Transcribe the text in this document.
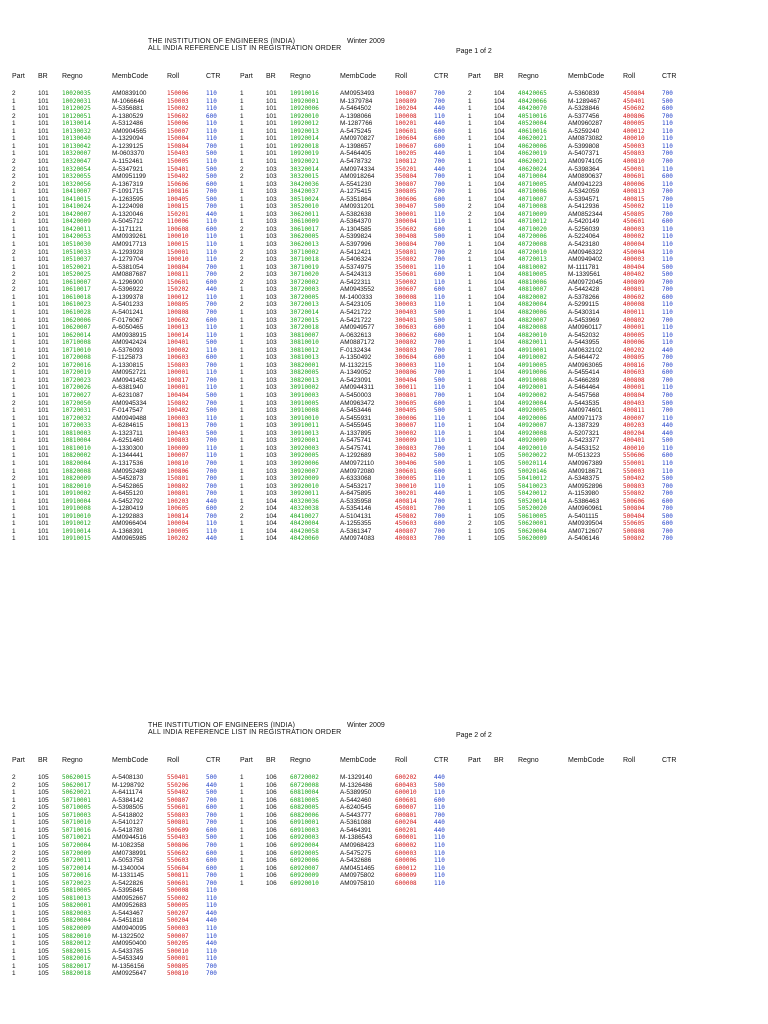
THE INSTITUTION OF ENGINEERS (INDIA)
ALL INDIA REFERENCE LIST IN REGISTRATION ORDER
Winter 2009
Page 1 of 2
Part BR Regno	MembCode	Roll	CTR	Part BR Regno	MembCode	Roll	CTR	Part BR Regno	MembCode	Roll	CTR
2	101 10020035	AM0839100	150006	110
1	101 10020031	M-1066646	150003	110
1	101 10120025	A-5356881	150002	110
2	101 10120051	A-1380529	150602	600
1	101 10130014	A-5312486	150006	110
1	101 10130032	AM0904565	150007	110
1	101 10130040	A-1329094	150004	110
1	101 10130042	A-1239125	150804	700
1	101 10320007	M-0603370	150403	500
2	101 10320047	A-1152461	150005	110
2	101 10320054	A-5347921	150401	500
2	101 10320055	AM0951199	150402	500
2	101 10320056	A-1367319	150606	600
1	101 10410007	F-1091715	100816	700
1	101 10410015	A-1263595	100405	500
1	101 10410024	A-1224098	100815	700
2	101 10420007	A-1320046	150201	440
1	101 10420009	A-5045712	110006	110
1	101 10420011	A-1171121	100608	600
1	101 10420053	AM0939261	100010	110
1	101 10510030	AM0917713	100015	110
2	101 10510033	A-1293928	150001	110
1	101 10510037	A-1279704	100010	110
1	101 10520021	A-5381054	100804	700
2	101 10520025	AM0887687	100811	700
2	101 10610007	A-1296900	150601	600
2	101 10610017	A-5396922	150202	440
1	101 10610018	A-1399378	100012	110
1	101 10610023	A-5401233	100805	700
1	101 10610028	A-5401241	100808	700
1	101 10620006	F-0176067	100602	600
1	101 10620007	A-6050465	100013	110
1	101 10620014	AM0938915	100014	110
1	101 10710008	AM0942424	100401	500
1	101 10710010	A-5376093	100002	110
1	101 10720008	F-1125873	100603	600
2	101 10720016	A-1330815	150803	700
1	101 10720019	AM0952721	100001	110
1	101 10720023	AM0941452	100817	700
1	101 10720026	A-6381940	100001	110
1	101 10720027	A-6231087	100404	500
2	101 10720050	AM0945334	150802	700
1	101 10720031	F-0147547	100402	500
1	101 10720032	AM0949488	100003	110
1	101 10720033	A-6284615	100813	700
1	101 10810003	A-1323711	100403	500
1	101 10810004	A-6251460	100803	700
1	101 10810010	A-1330300	100009	110
1	101 10820002	A-1344441	100007	110
1	101 10820004	A-1317536	100810	700
1	101 10820008	AM0952489	100806	700
2	101 10820009	A-5452873	150801	700
1	101 10820010	A-5452865	100802	700
1	101 10910002	A-6455120	100801	700
1	101 10910004	A-5452792	100203	440
1	101 10910008	A-1280419	100605	600
1	101 10910010	A-1292883	100814	700
1	101 10910012	AM0966404	100004	110
1	101 10910014	A-1368391	100005	110
1	101 10910015	AM0965985	100202	440
1	101 10910016	AM0953493	100807	700
1	101 10920001	M-1379784	100809	700
1	101 10920006	A-5464502	100204	440
1	101 10920010	A-1398066	100008	110
1	101 10920012	M-1287766	100201	440
1	101 10920013	A-5475245	100601	600
1	101 10920014	AM0970827	100604	600
1	101 10920018	A-1398657	100607	600
1	101 10920019	A-5464405	100205	440
1	101 10920021	A-5478732	100812	700
2	103 30320014	AM0974334	350201	440
2	103 30320015	AM0918264	350804	700
1	103 30420036	A-5541230	300807	700
1	103 30420037	A-1275415	300805	700
1	103 30510024	A-5351864	300606	600
1	103 30520010	AM0931201	300407	500
1	103 30620011	A-5382638	300001	110
1	103 30610009	A-5364370	300004	110
2	103 30610017	A-1304585	350602	600
1	103 30620005	A-5399824	300408	500
1	103 30620013	A-5397996	300804	700
2	103 30710002	A-5412421	350801	700
2	103 30710018	A-5406324	350802	700
1	103 30710019	A-5374975	350001	110
2	103 30710020	A-5424313	350601	600
2	103 30720002	A-5422311	350002	110
1	103 30720003	AM0943552	300607	600
1	103 30720005	M-1400333	300008	110
2	103 30720013	A-5423105	300003	110
1	103 30720014	A-5421722	300403	500
1	103 30720015	A-5421722	300401	500
1	103 30720018	AM0949577	300603	600
1	103 30810007	A-0632613	300602	600
1	103 30810010	AM0887172	300802	700
1	103 30810012	F-0132434	300803	700
1	103 30810013	A-1350492	300604	600
1	103 30820001	M-1132215	300003	110
1	103 30820005	A-1349052	300806	700
1	103 30820013	A-5423091	300404	500
1	103 30910002	AM0944311	300011	110
1	103 30910003	A-5450003	300801	700
1	103 30910005	AM0963472	300605	600
1	103 30910008	A-5453446	300405	500
1	103 30910010	A-5455931	300006	110
1	103 30910011	A-5455945	300007	110
1	103 30910013	A-1337895	300002	110
1	103 30920001	A-5475741	300009	110
1	103 30920003	A-5475741	300803	700
1	103 30920005	A-1292689	300402	500
1	103 30920006	AM0972110	300406	500
1	103 30920007	AM0972080	300601	600
1	103 30920009	A-6333068	300005	110
1	103 30920010	A-5453217	300010	110
1	103 30920011	A-6475895	300201	440
1	104 40320036	A-5335958	400814	700
2	104 40320038	A-5354146	450801	700
2	104 40410027	A-5104131	450802	700
1	104 40420004	A-1255355	450603	600
1	104 40420058	A-5361347	400807	700
1	104 40420060	AM0974083	400803	700
2	104 40420065	A-5360839	450804	700
1	104 40420066	M-1289467	450401	500
1	104 40420070	A-5328846	450602	600
1	104 40510016	A-5377456	400806	700
1	104 40520004	AM0960287	400005	110
1	104 40610016	A-5259240	400012	110
1	104 40620021	AM0873082	400010	110
1	104 40620006	A-5399808	450003	110
1	104 40620019	A-5407371	450803	700
1	104 40620021	AM0974105	400810	700
1	104 40620024	A-5398364	450001	110
1	104 40710004	AM0890637	400601	600
1	104 40710005	AM0941223	400006	110
1	104 40710006	A-5342059	400813	700
1	104 40710007	A-5394571	400815	700
2	104 40710008	A-5412936	450002	110
2	104 40710009	AM0852344	450805	700
1	104 40710012	A-5420149	450601	600
1	104 40710020	A-5256039	400003	110
1	104 40720006	A-5224064	400002	110
1	104 40720008	A-5423180	400004	110
2	104 40720010	AM0946322	450004	110
1	104 40720013	AM0949402	400003	110
1	104 40810002	M-1111781	400404	500
1	104 40810005	M-1339561	400402	500
1	104 40810006	AM0972045	400809	700
1	104 40810007	A-5442428	400801	700
1	104 40820002	A-5378266	400602	600
1	104 40820004	A-5299115	400008	110
1	104 40820006	A-5430314	400011	110
1	104 40820007	A-5453969	400802	700
1	104 40820008	AM0960117	400001	110
1	104 40820010	A-5452032	400005	110
1	104 40820011	A-5443955	400006	110
1	104 40910001	AM0632102	400202	440
1	104 40910002	A-5464472	400805	700
1	104 40910005	AM0963065	400816	700
1	104 40910006	A-5455414	400603	600
1	104 40910008	A-5466289	400808	700
1	104 40920001	A-5464464	400001	110
1	104 40920002	A-5457568	400804	700
1	104 40920004	A-5443535	400403	500
1	104 40920005	AM0974601	400811	700
1	104 40920006	AM0971173	400007	110
1	104 40920007	A-1387329	400203	440
1	104 40920008	A-5207321	400204	440
1	104 40920009	A-5423377	400401	500
1	104 40920010	A-5453152	400010	110
1	105 50020022	M-0513223	550606	600
1	105 50020114	AM0967389	550001	110
1	105 50020146	AM0918671	550003	110
1	105 50410012	A-5348375	500402	500
1	105 50410023	AM0952896	500803	700
1	105 50420012	A-1153980	550802	700
1	105 50520014	A-5386463	500606	600
1	105 50520020	AM0960961	500804	700
1	105 50610005	A-5401115	500404	500
2	105 50620001	AM0939504	550605	600
1	105 50620004	AM0712607	500808	700
1	105 50620009	A-5406146	500802	700
THE INSTITUTION OF ENGINEERS (INDIA)
ALL INDIA REFERENCE LIST IN REGISTRATION ORDER
Winter 2009
Page 2 of 2
Part BR Regno	MembCode	Roll	CTR	Part BR Regno	MembCode	Roll	CTR	Part BR Regno	MembCode	Roll	CTR
2	105 50620015	A-5408130	550401	500
2	105 50620017	M-1298792	550206	440
1	105 50620021	A-6411174	550402	500
1	105 50710001	A-5384142	500807	700
2	105 50710005	A-5398505	550601	600
1	105 50710003	A-5418802	550803	700
1	105 50710010	A-5410127	500801	700
1	105 50710016	A-5418780	500609	600
1	105 50710021	AM0944516	550403	500
1	105 50720004	M-1082358	500806	700
2	105 50720009	AM0738991	550602	600
2	105 50720011	A-5053758	550603	600
2	105 50720014	M-1340004	550604	600
1	105 50720016	M-1331145	500811	700
1	105 50720023	A-5422826	500601	700
1	105 50810005	A-5395845	500008	110
2	105 50810013	AM0952667	550002	110
1	105 50820001	AM0952683	500005	110
1	105 50820003	A-5443467	500207	440
1	105 50820004	A-5451818	500204	440
1	105 50820009	AM0940095	500003	110
1	105 50820010	M-1322502	500007	110
1	105 50820012	AM0950400	500205	440
1	105 50820015	A-5433785	500010	110
1	105 50820016	A-5453349	500001	110
1	105 50820017	M-1356156	500805	700
1	105 50820018	AM0925647	500810	700
1	106 60720002	M-1329140	600202	440
1	106 60720008	M-1326486	600403	500
1	106 60810004	A-5389950	600010	110
1	106 60810005	A-5442460	600601	600
1	106 60820005	A-6240545	600007	110
1	106 60820006	A-5443777	600801	700
1	106 60910001	A-5361088	600204	440
1	106 60910003	A-5464391	600201	440
1	106 60920003	M-1386543	600001	110
1	106 60920004	AM0968423	600002	110
1	106 60920005	A-5475275	600003	110
1	106 60920006	A-5432686	600006	110
1	106 60920007	AM0451465	600012	110
1	106 60920009	AM0975802	600009	110
1	106 60920010	AM0975810	600008	110
